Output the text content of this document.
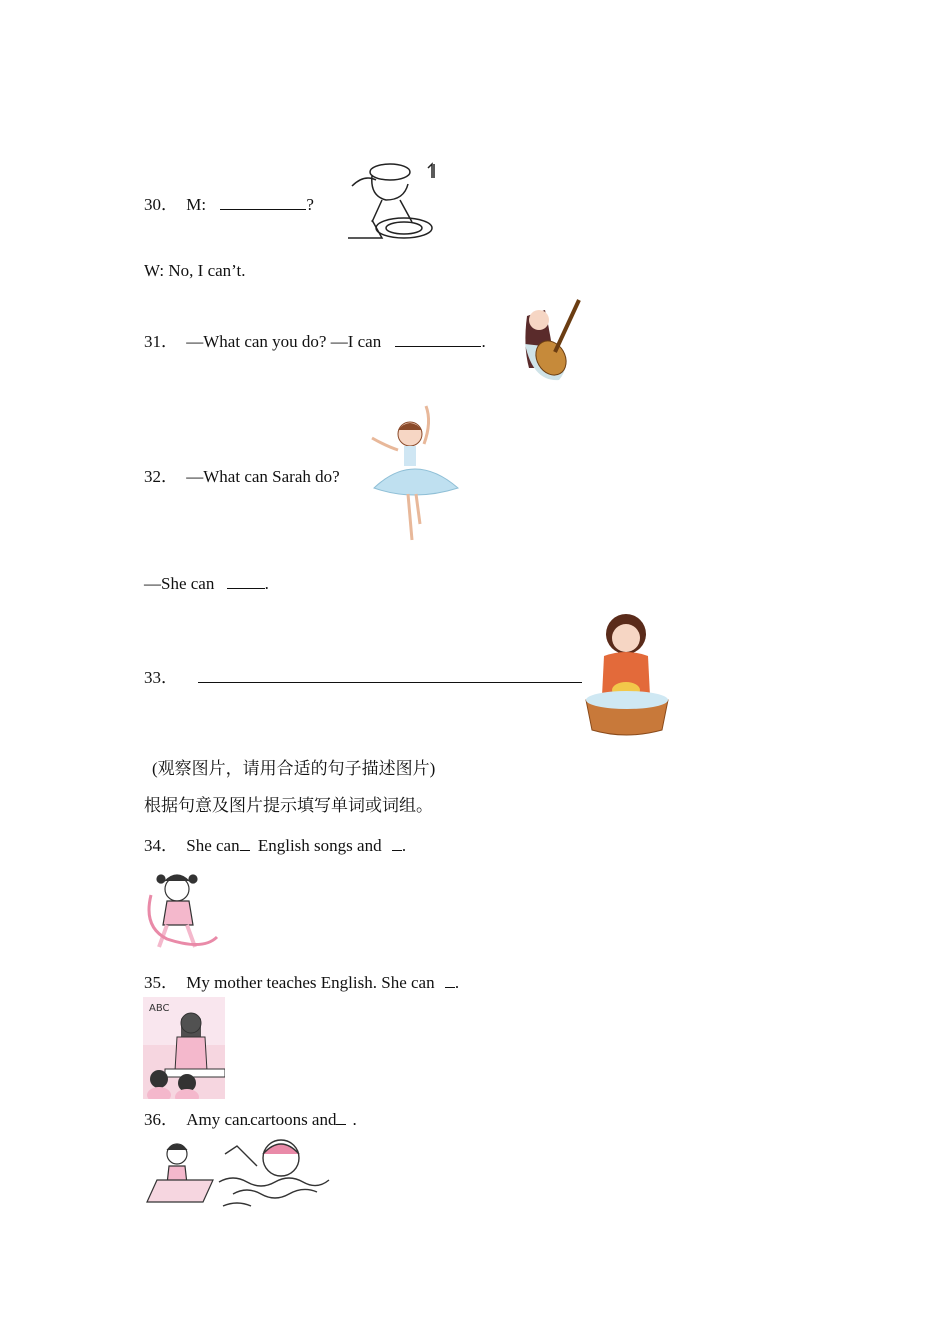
30． M:	?
W: No, I can’t.
31． —What can you do? —I can	.
32． —What can Sarah do?
—She can	.
33．
(观察图片，请用合适的句子描述图片)
根据句意及图片提示填写单词或词组。
34． She can English songs and .
35． My mother teaches English. She can .
ABC
36． Amy can cartoons and .
